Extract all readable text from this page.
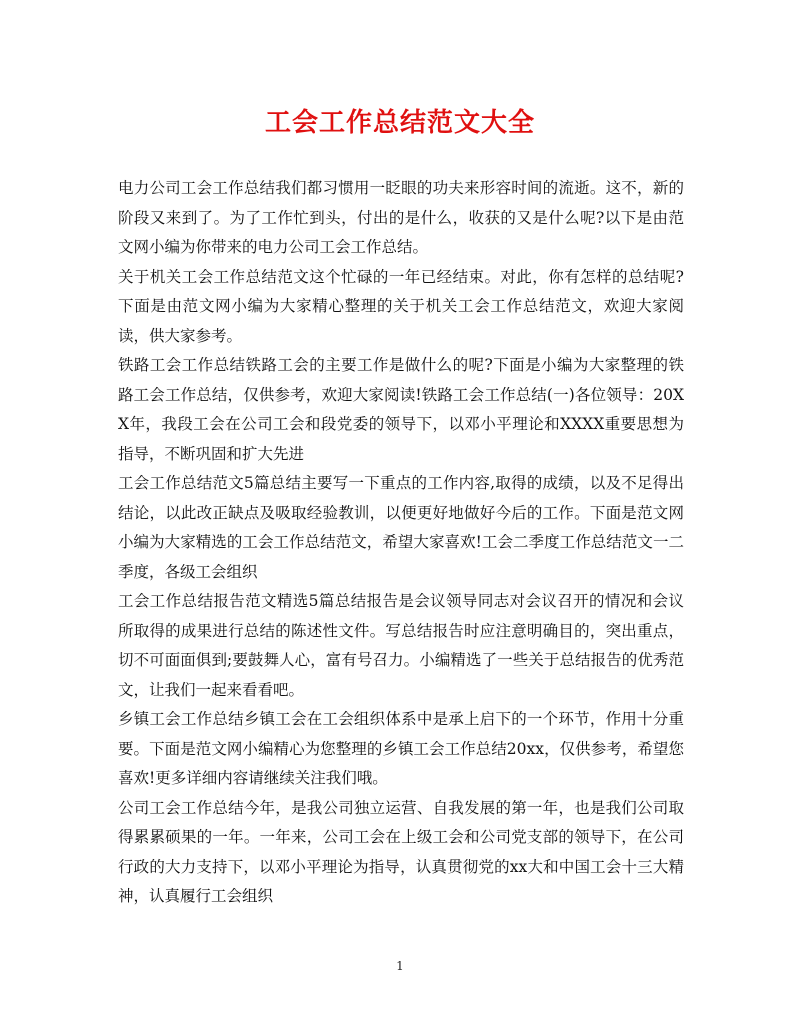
工会工作总结范文大全

电力公司工会工作总结我们都习惯用一眨眼的功夫来形容时间的流逝。这不，新的阶段又来到了。为了工作忙到头，付出的是什么，收获的又是什么呢?以下是由范文网小编为你带来的电力公司工会工作总结。

关于机关工会工作总结范文这个忙碌的一年已经结束。对此，你有怎样的总结呢?下面是由范文网小编为大家精心整理的关于机关工会工作总结范文，欢迎大家阅读，供大家参考。

铁路工会工作总结铁路工会的主要工作是做什么的呢?下面是小编为大家整理的铁路工会工作总结，仅供参考，欢迎大家阅读!铁路工会工作总结(一)各位领导：20XX年，我段工会在公司工会和段党委的领导下，以邓小平理论和XXXX重要思想为指导，不断巩固和扩大先进

工会工作总结范文5篇总结主要写一下重点的工作内容,取得的成绩，以及不足得出结论，以此改正缺点及吸取经验教训，以便更好地做好今后的工作。下面是范文网小编为大家精选的工会工作总结范文，希望大家喜欢!工会二季度工作总结范文一二季度，各级工会组织

工会工作总结报告范文精选5篇总结报告是会议领导同志对会议召开的情况和会议所取得的成果进行总结的陈述性文件。写总结报告时应注意明确目的，突出重点，切不可面面俱到;要鼓舞人心，富有号召力。小编精选了一些关于总结报告的优秀范文，让我们一起来看看吧。

乡镇工会工作总结乡镇工会在工会组织体系中是承上启下的一个环节，作用十分重要。下面是范文网小编精心为您整理的乡镇工会工作总结20xx，仅供参考，希望您喜欢!更多详细内容请继续关注我们哦。

公司工会工作总结今年，是我公司独立运营、自我发展的第一年，也是我们公司取得累累硕果的一年。一年来，公司工会在上级工会和公司党支部的领导下，在公司行政的大力支持下，以邓小平理论为指导，认真贯彻党的xx大和中国工会十三大精神，认真履行工会组织

1
